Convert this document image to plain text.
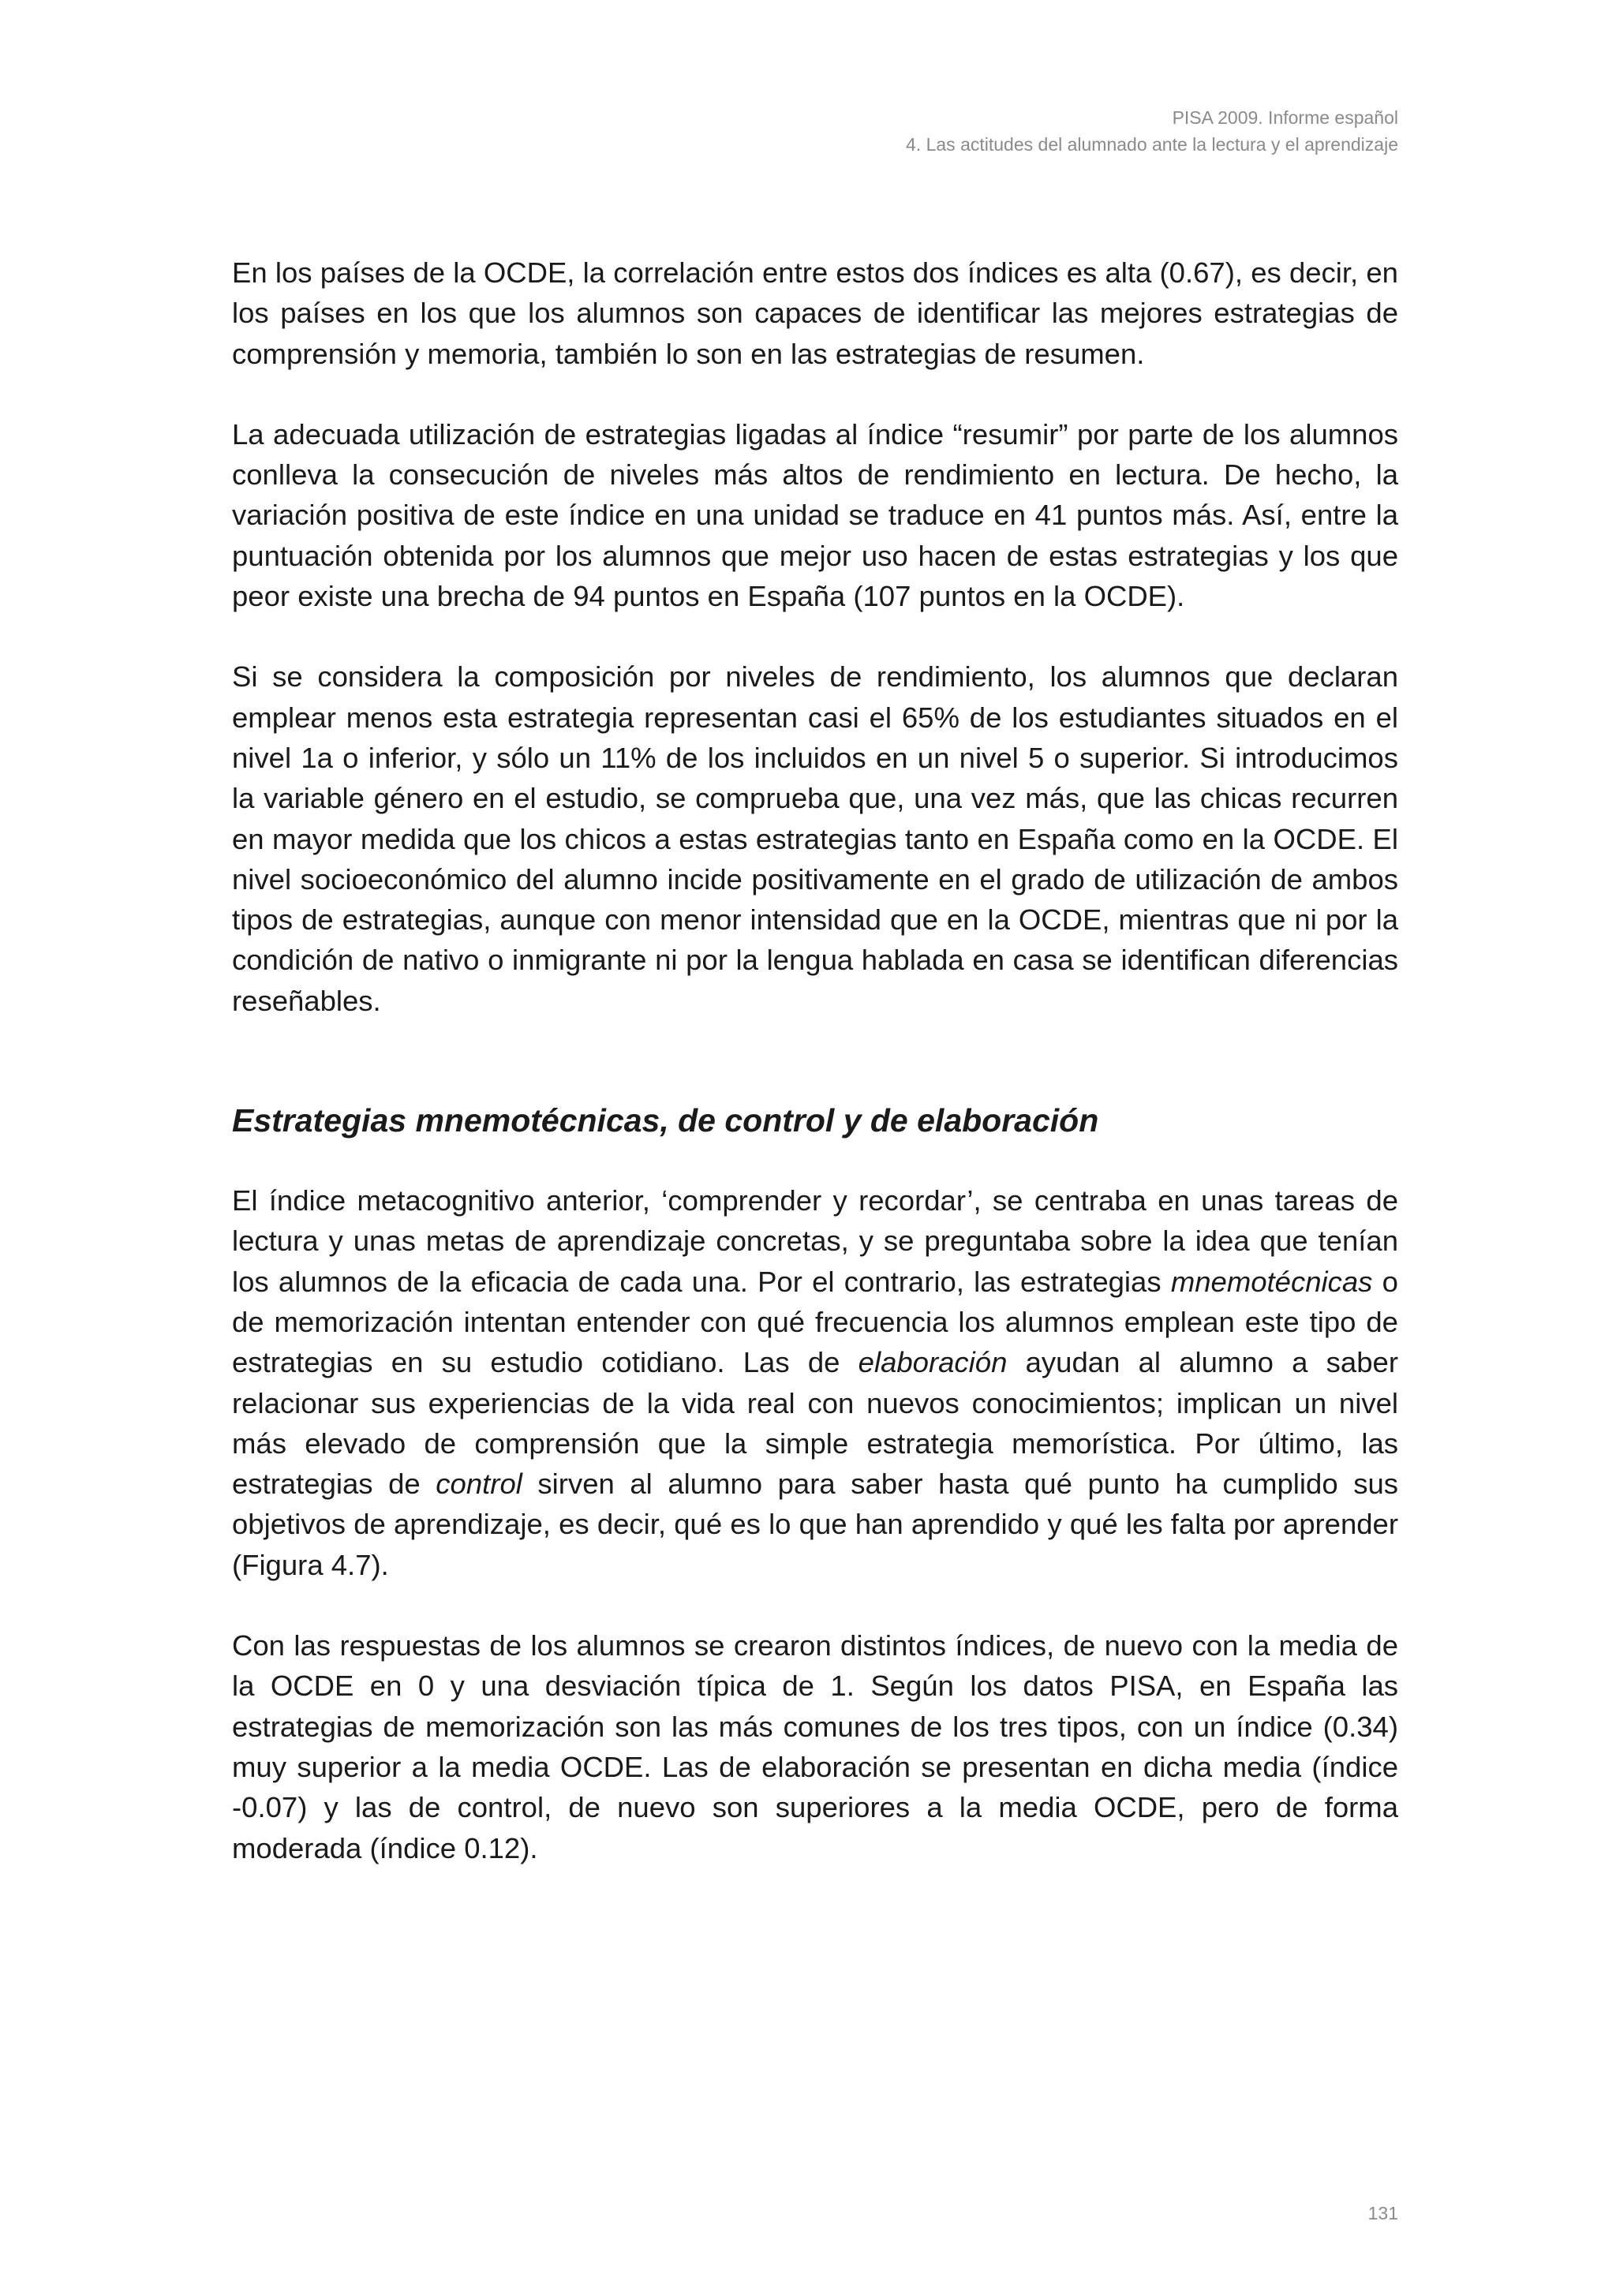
PISA 2009. Informe español
4. Las actitudes del alumnado ante la lectura y el aprendizaje

En los países de la OCDE, la correlación entre estos dos índices es alta (0.67), es decir, en los países en los que los alumnos son capaces de identificar las mejores estrategias de comprensión y memoria, también lo son en las estrategias de resumen.

La adecuada utilización de estrategias ligadas al índice “resumir” por parte de los alumnos conlleva la consecución de niveles más altos de rendimiento en lectura. De hecho, la variación positiva de este índice en una unidad se traduce en 41 puntos más. Así, entre la puntuación obtenida por los alumnos que mejor uso hacen de estas estrategias y los que peor existe una brecha de 94 puntos en España (107 puntos en la OCDE).

Si se considera la composición por niveles de rendimiento, los alumnos que declaran emplear menos esta estrategia representan casi el 65% de los estudiantes situados en el nivel 1a o inferior, y sólo un 11% de los incluidos en un nivel 5 o superior. Si introducimos la variable género en el estudio, se comprueba que, una vez más, que las chicas recurren en mayor medida que los chicos a estas estrategias tanto en España como en la OCDE. El nivel socioeconómico del alumno incide positivamente en el grado de utilización de ambos tipos de estrategias, aunque con menor intensidad que en la OCDE, mientras que ni por la condición de nativo o inmigrante ni por la lengua hablada en casa se identifican diferencias reseñables.

Estrategias mnemotécnicas, de control y de elaboración

El índice metacognitivo anterior, ‘comprender y recordar’, se centraba en unas tareas de lectura y unas metas de aprendizaje concretas, y se preguntaba sobre la idea que tenían los alumnos de la eficacia de cada una. Por el contrario, las estrategias mnemotécnicas o de memorización intentan entender con qué frecuencia los alumnos emplean este tipo de estrategias en su estudio cotidiano. Las de elaboración ayudan al alumno a saber relacionar sus experiencias de la vida real con nuevos conocimientos; implican un nivel más elevado de comprensión que la simple estrategia memorística. Por último, las estrategias de control sirven al alumno para saber hasta qué punto ha cumplido sus objetivos de aprendizaje, es decir, qué es lo que han aprendido y qué les falta por aprender (Figura 4.7).

Con las respuestas de los alumnos se crearon distintos índices, de nuevo con la media de la OCDE en 0 y una desviación típica de 1. Según los datos PISA, en España las estrategias de memorización son las más comunes de los tres tipos, con un índice (0.34) muy superior a la media OCDE. Las de elaboración se presentan en dicha media (índice -0.07) y las de control, de nuevo son superiores a la media OCDE, pero de forma moderada (índice 0.12).

131
